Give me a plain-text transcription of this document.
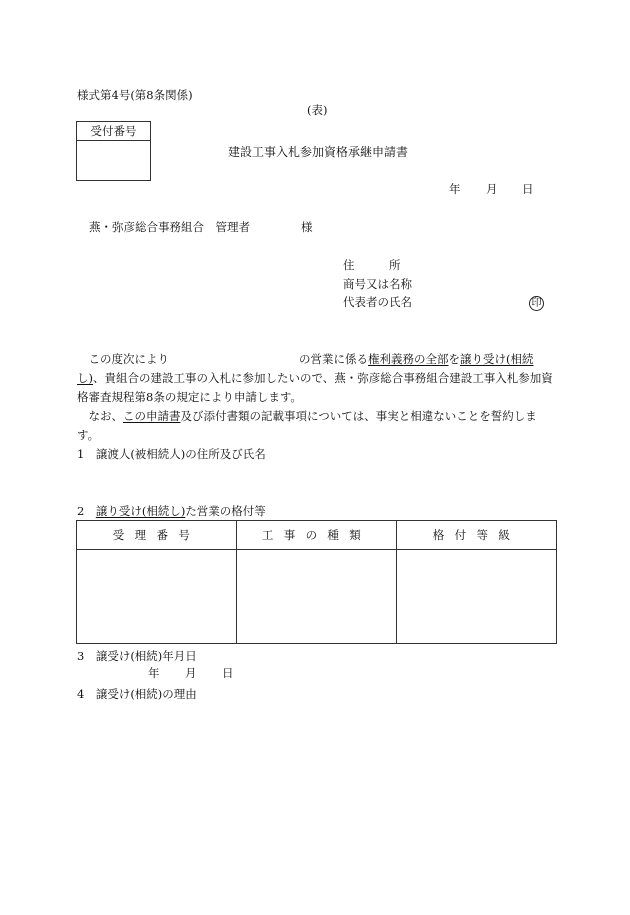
様式第4号(第8条関係)
(表)
受付番号
建設工事入札参加資格承継申請書
年 月 日
燕・弥彦総合事務組合　管理者	様
住　　　所
商号又は名称
代表者の氏名	印
この度次により	の営業に係る権利義務の全部を譲り受け(相続し)、貴組合の建設工事の入札に参加したいので、燕・弥彦総合事務組合建設工事入札参加資格審査規程第8条の規定により申請します。
なお、この申請書及び添付書類の記載事項については、事実と相違ないことを誓約します。
1　譲渡人(被相続人)の住所及び氏名
2　譲り受け(相続し)た営業の格付等
受理番号	工事の種類	格付等級

3　譲受け(相続)年月日
年 月 日
4　譲受け(相続)の理由
